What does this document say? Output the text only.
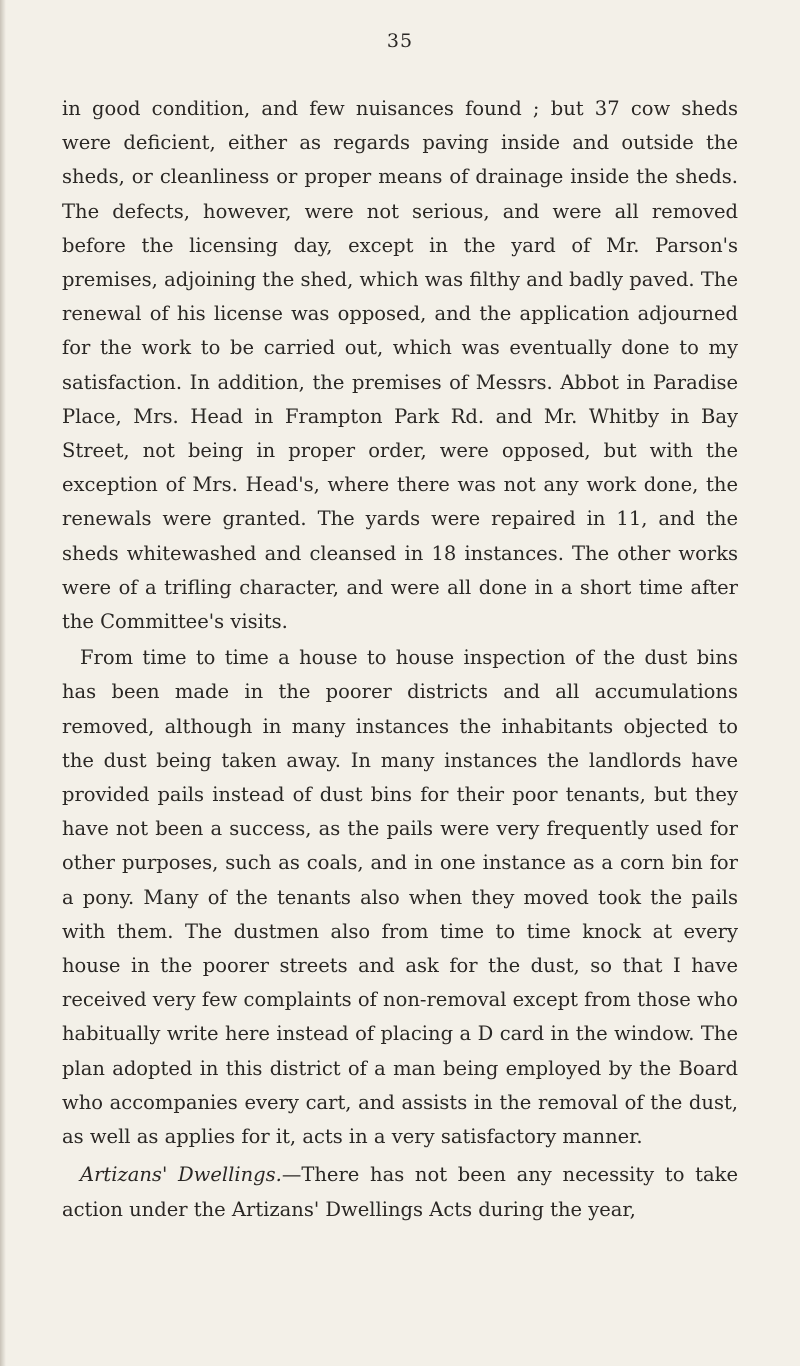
35

in good condition, and few nuisances found ; but 37 cow sheds were deficient, either as regards paving inside and outside the sheds, or cleanliness or proper means of drainage inside the sheds. The defects, however, were not serious, and were all removed before the licensing day, except in the yard of Mr. Parson's premises, adjoining the shed, which was filthy and badly paved. The renewal of his license was opposed, and the application adjourned for the work to be carried out, which was eventually done to my satisfaction. In addition, the premises of Messrs. Abbot in Paradise Place, Mrs. Head in Frampton Park Rd. and Mr. Whitby in Bay Street, not being in proper order, were opposed, but with the exception of Mrs. Head's, where there was not any work done, the renewals were granted. The yards were repaired in 11, and the sheds whitewashed and cleansed in 18 instances. The other works were of a trifling character, and were all done in a short time after the Committee's visits.

From time to time a house to house inspection of the dust bins has been made in the poorer districts and all accumulations removed, although in many instances the inhabitants objected to the dust being taken away. In many instances the landlords have provided pails instead of dust bins for their poor tenants, but they have not been a success, as the pails were very frequently used for other purposes, such as coals, and in one instance as a corn bin for a pony. Many of the tenants also when they moved took the pails with them. The dustmen also from time to time knock at every house in the poorer streets and ask for the dust, so that I have received very few complaints of non-removal except from those who habitually write here instead of placing a D card in the window. The plan adopted in this district of a man being employed by the Board who accompanies every cart, and assists in the removal of the dust, as well as applies for it, acts in a very satisfactory manner.

Artizans' Dwellings.—There has not been any necessity to take action under the Artizans' Dwellings Acts during the year,
